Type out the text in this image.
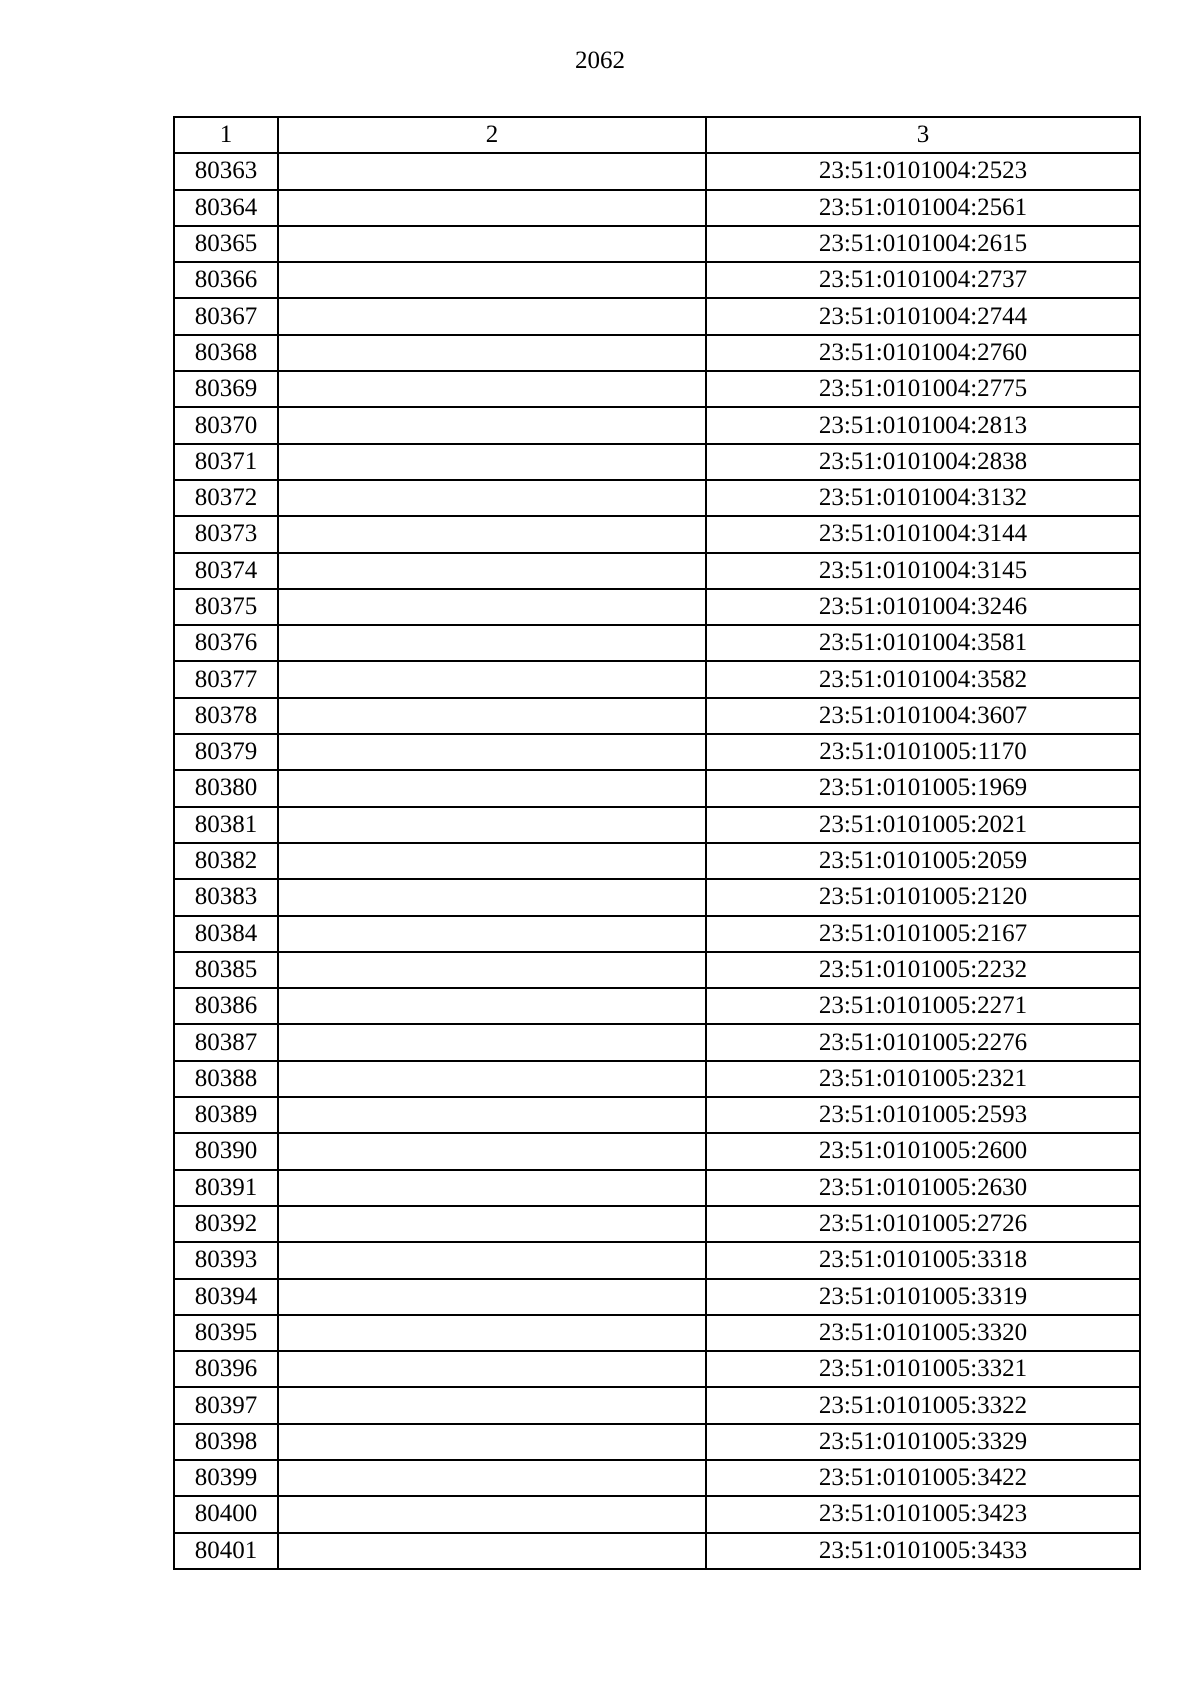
2062
1	2	3
80363		23:51:0101004:2523
80364		23:51:0101004:2561
80365		23:51:0101004:2615
80366		23:51:0101004:2737
80367		23:51:0101004:2744
80368		23:51:0101004:2760
80369		23:51:0101004:2775
80370		23:51:0101004:2813
80371		23:51:0101004:2838
80372		23:51:0101004:3132
80373		23:51:0101004:3144
80374		23:51:0101004:3145
80375		23:51:0101004:3246
80376		23:51:0101004:3581
80377		23:51:0101004:3582
80378		23:51:0101004:3607
80379		23:51:0101005:1170
80380		23:51:0101005:1969
80381		23:51:0101005:2021
80382		23:51:0101005:2059
80383		23:51:0101005:2120
80384		23:51:0101005:2167
80385		23:51:0101005:2232
80386		23:51:0101005:2271
80387		23:51:0101005:2276
80388		23:51:0101005:2321
80389		23:51:0101005:2593
80390		23:51:0101005:2600
80391		23:51:0101005:2630
80392		23:51:0101005:2726
80393		23:51:0101005:3318
80394		23:51:0101005:3319
80395		23:51:0101005:3320
80396		23:51:0101005:3321
80397		23:51:0101005:3322
80398		23:51:0101005:3329
80399		23:51:0101005:3422
80400		23:51:0101005:3423
80401		23:51:0101005:3433
